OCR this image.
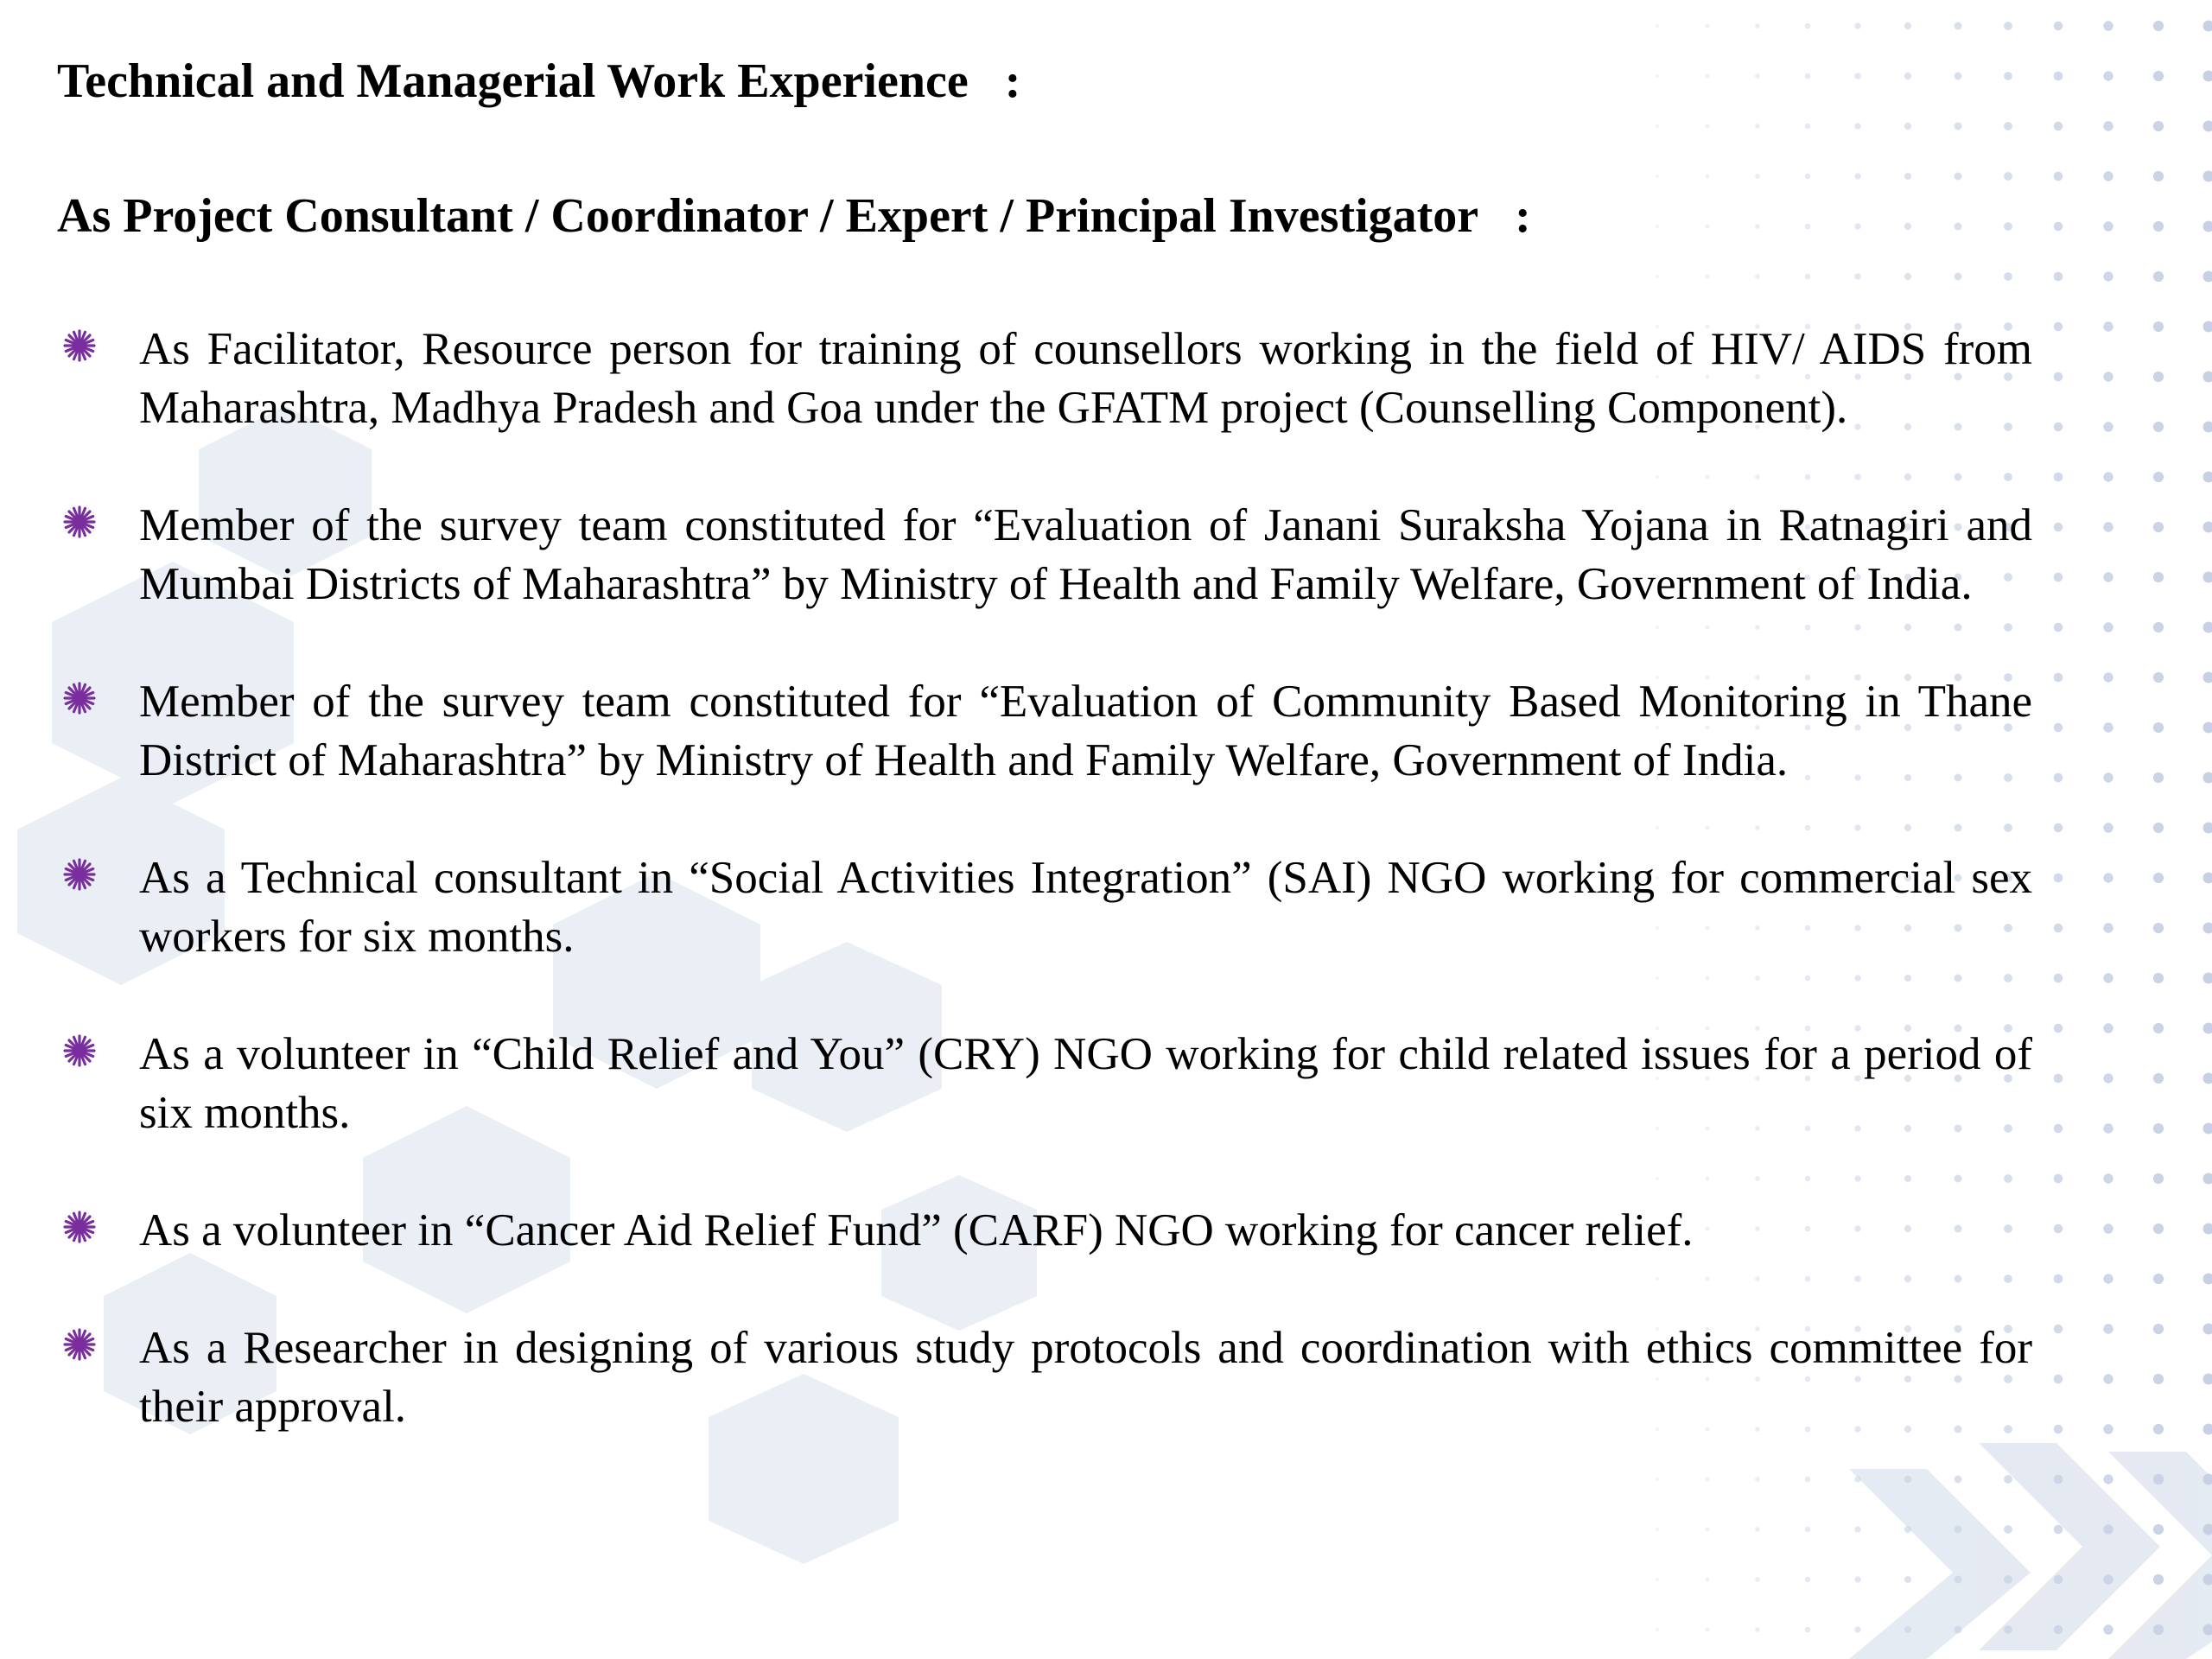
Technical and Managerial Work Experience :
As Project Consultant / Coordinator / Expert / Principal Investigator :
As Facilitator, Resource person for training of counsellors working in the field of HIV/ AIDS from Maharashtra, Madhya Pradesh and Goa under the GFATM project (Counselling Component).
Member of the survey team constituted for “Evaluation of Janani Suraksha Yojana in Ratnagiri and Mumbai Districts of Maharashtra” by Ministry of Health and Family Welfare, Government of India.
Member of the survey team constituted for “Evaluation of Community Based Monitoring in Thane District of Maharashtra” by Ministry of Health and Family Welfare, Government of India.
As a Technical consultant in “Social Activities Integration” (SAI) NGO working for commercial sex workers for six months.
As a volunteer in “Child Relief and You” (CRY) NGO working for child related issues for a period of six months.
As a volunteer in “Cancer Aid Relief Fund” (CARF) NGO working for cancer relief.
As a Researcher in designing of various study protocols and coordination with ethics committee for their approval.
